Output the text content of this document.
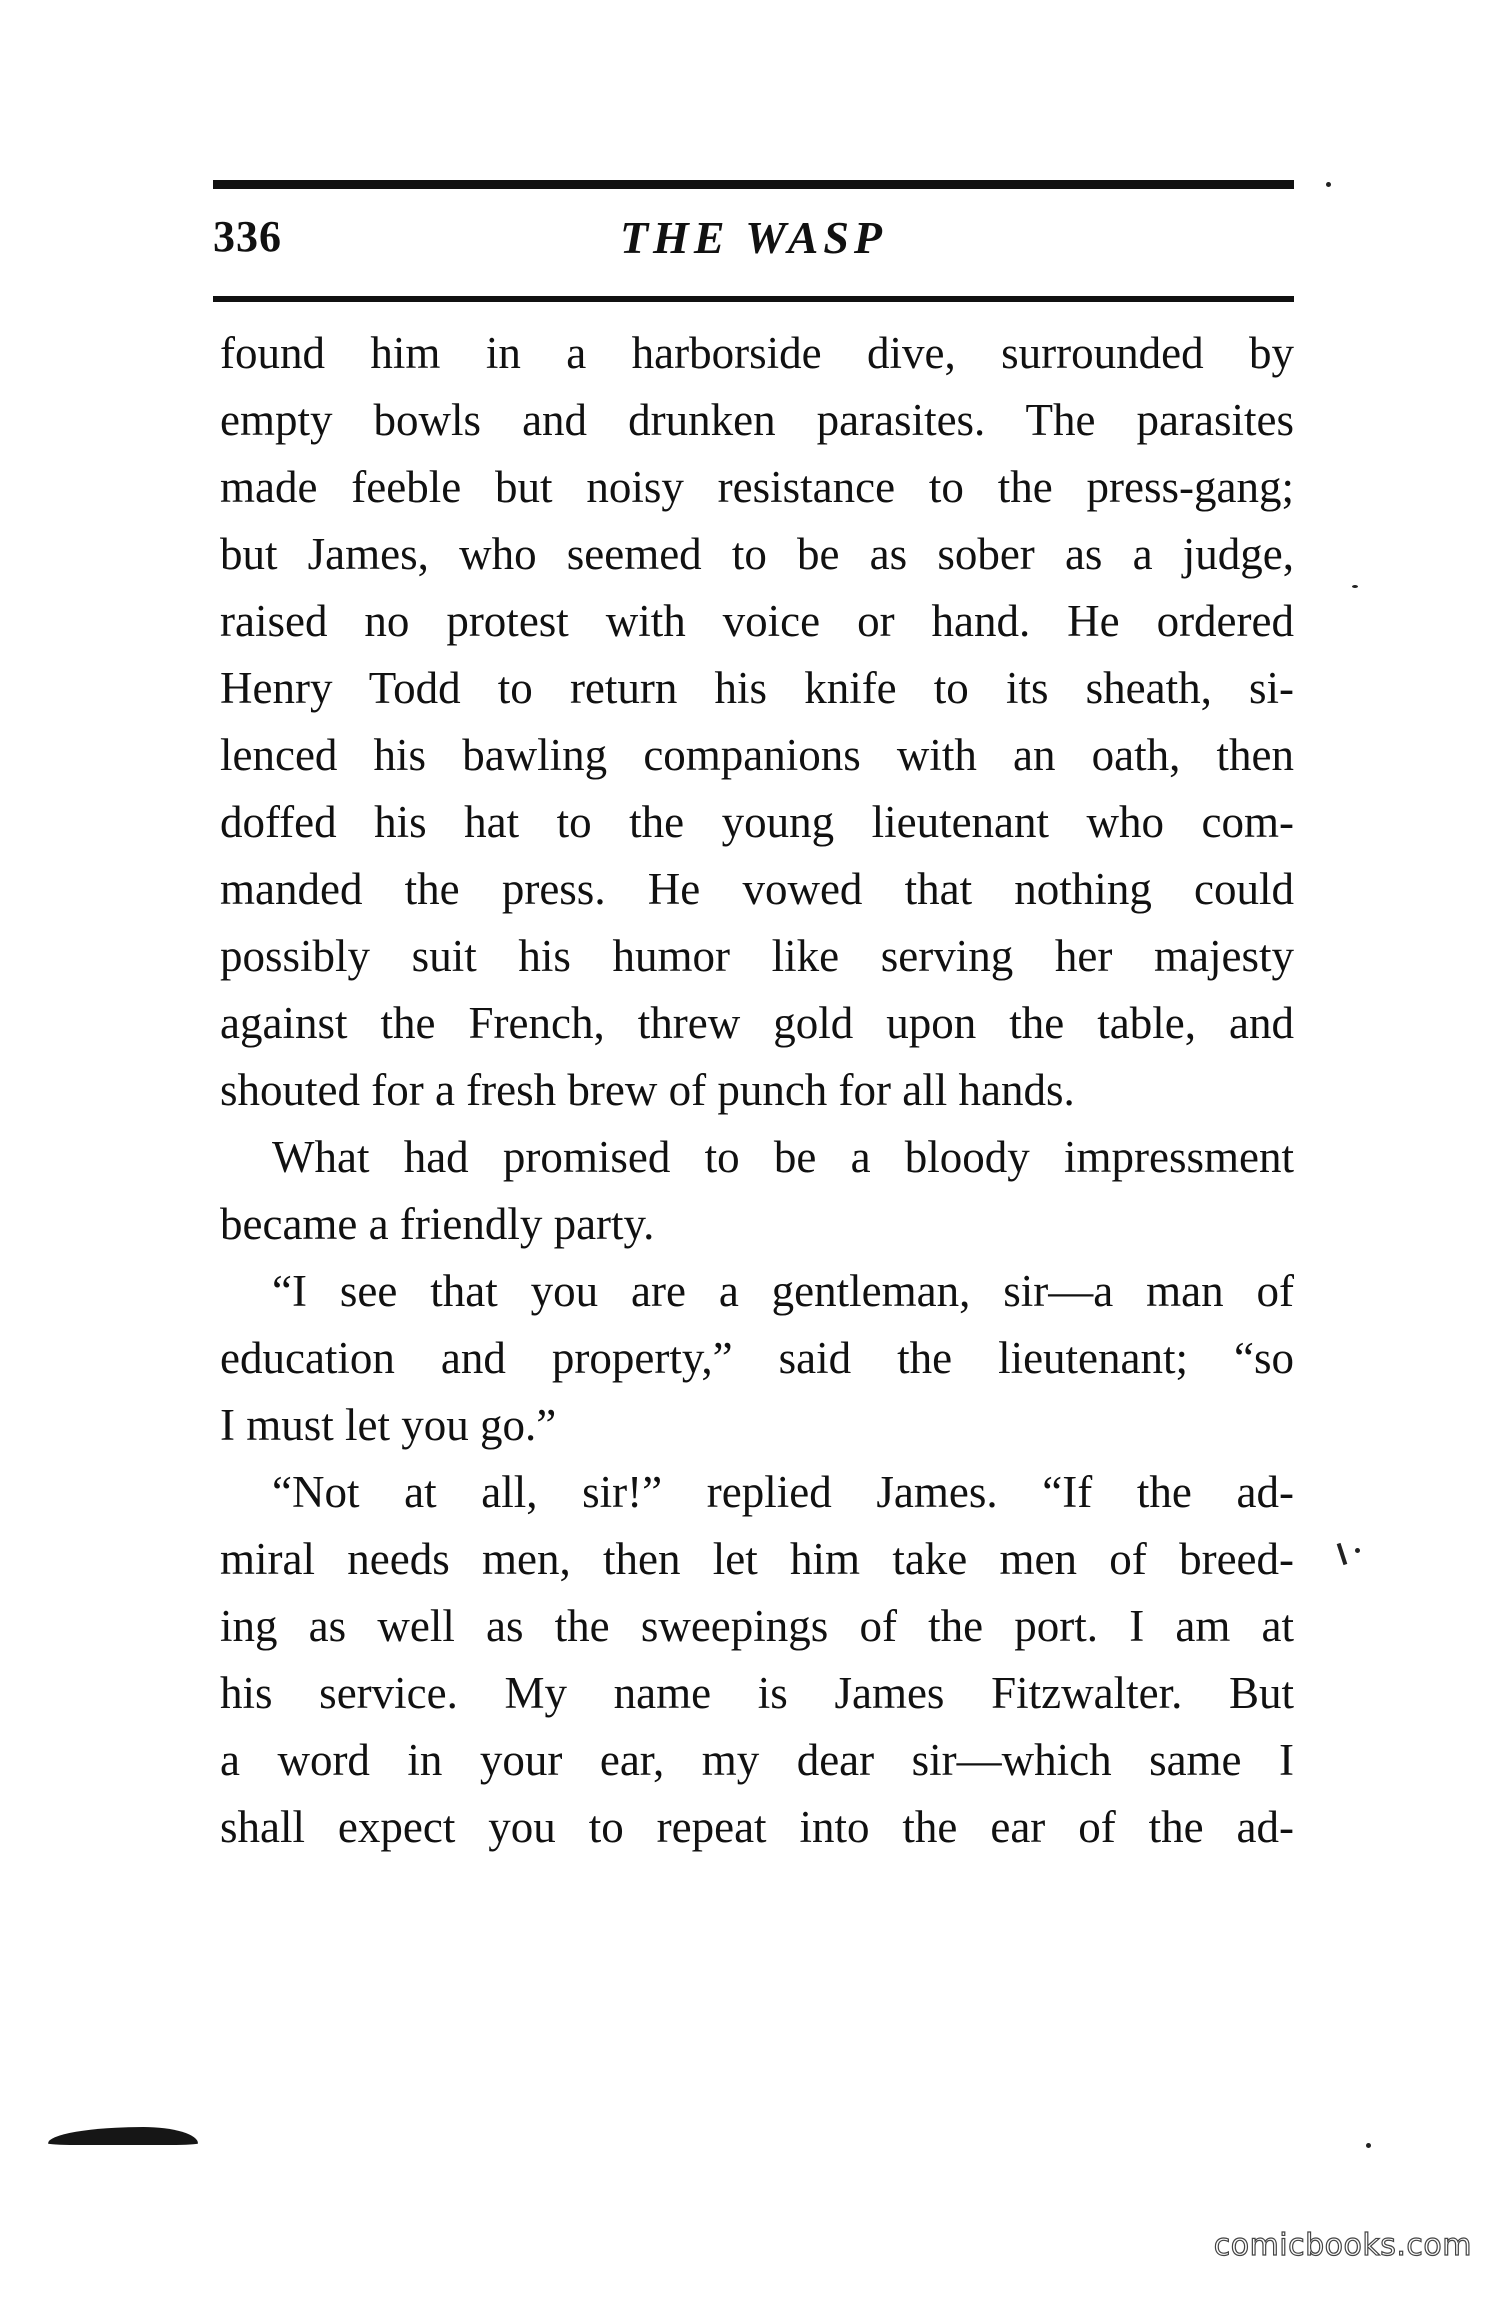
336	THE WASP
found him in a harborside dive, surrounded by
empty bowls and drunken parasites. The parasites
made feeble but noisy resistance to the press-gang;
but James, who seemed to be as sober as a judge,
raised no protest with voice or hand. He ordered
Henry Todd to return his knife to its sheath, si-
lenced his bawling companions with an oath, then
doffed his hat to the young lieutenant who com-
manded the press. He vowed that nothing could
possibly suit his humor like serving her majesty
against the French, threw gold upon the table, and
shouted for a fresh brew of punch for all hands.
What had promised to be a bloody impressment
became a friendly party.
“I see that you are a gentleman, sir—a man of
education and property,” said the lieutenant; “so
I must let you go.”
“Not at all, sir!” replied James. “If the ad-
miral needs men, then let him take men of breed-
ing as well as the sweepings of the port. I am at
his service. My name is James Fitzwalter. But
a word in your ear, my dear sir—which same I
shall expect you to repeat into the ear of the ad-
comicbooks.com
